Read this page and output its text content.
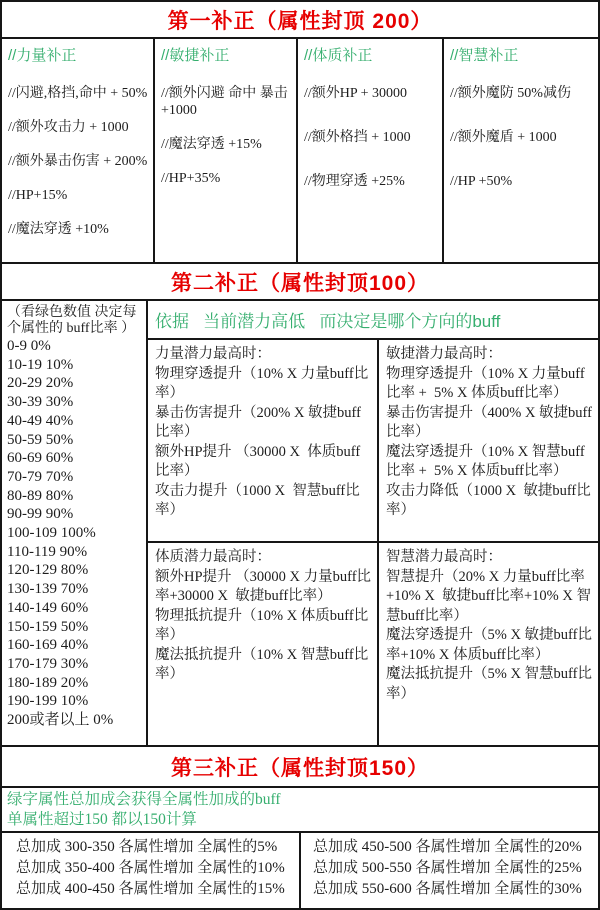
第一补正（属性封顶 200）
//力量补正

//闪避,格挡,命中 + 50%

//额外攻击力 + 1000

//额外暴击伤害 + 200%

//HP+15%

//魔法穿透 +10%

//敏捷补正

//额外闪避 命中 暴击 +1000

//魔法穿透 +15%

//HP+35%

//体质补正

//额外HP + 30000

//额外格挡 + 1000

//物理穿透 +25%

//智慧补正

//额外魔防 50%减伤

//额外魔盾 + 1000

//HP +50%

第二补正（属性封顶100）

（看绿色数值 决定每个属性的 buff比率 ）

0-9 0%
10-19 10%
20-29 20%
30-39 30%
40-49 40%
50-59 50%
60-69 60%
70-79 70%
80-89 80%
90-99 90%
100-109 100%
110-119 90%
120-129 80%
130-139 70%
140-149 60%
150-159 50%
160-169 40%
170-179 30%
180-189 20%
190-199 10%
200或者以上 0%
依据   当前潜力高低   而决定是哪个方向的buff
力量潜力最高时：

物理穿透提升（10% X 力量buff比率）

暴击伤害提升（200% X 敏捷buff比率）

额外HP提升 （30000 X  体质buff比率）

攻击力提升（1000 X  智慧buff比率）

敏捷潜力最高时：

物理穿透提升（10% X 力量buff比率 +  5% X 体质buff比率）

暴击伤害提升（400% X 敏捷buff比率）

魔法穿透提升（10% X 智慧buff比率 +  5% X 体质buff比率）

攻击力降低（1000 X  敏捷buff比率）

体质潜力最高时：

额外HP提升 （30000 X 力量buff比率+30000 X  敏捷buff比率）

物理抵抗提升（10% X 体质buff比率）

魔法抵抗提升（10% X 智慧buff比率）

智慧潜力最高时：

智慧提升（20% X 力量buff比率+10% X  敏捷buff比率+10% X 智慧buff比率）

魔法穿透提升（5% X 敏捷buff比率+10% X 体质buff比率）

魔法抵抗提升（5% X 智慧buff比率）

第三补正（属性封顶150）

绿字属性总加成会获得全属性加成的buff

单属性超过150 都以150计算

总加成 300-350 各属性增加 全属性的5%

总加成 350-400 各属性增加 全属性的10%

总加成 400-450 各属性增加 全属性的15%

总加成 450-500 各属性增加 全属性的20%

总加成 500-550 各属性增加 全属性的25%

总加成 550-600 各属性增加 全属性的30%
